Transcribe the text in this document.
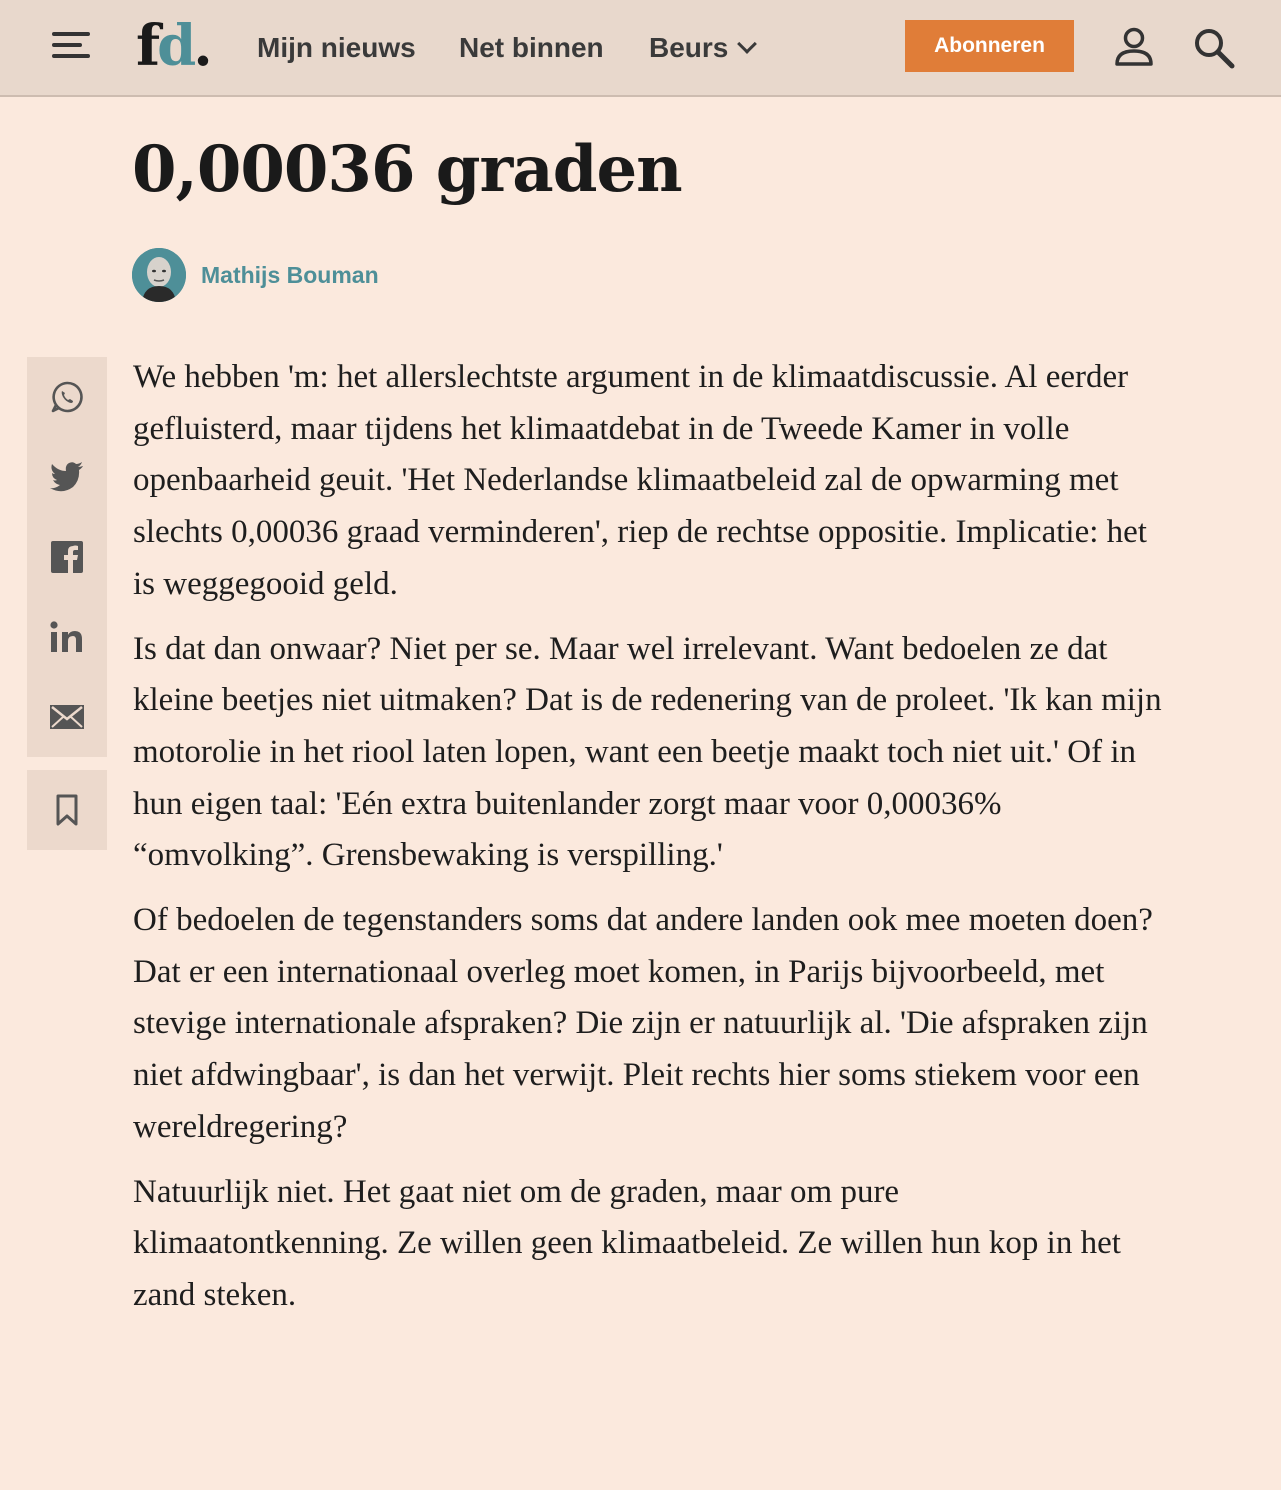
fd. Mijn nieuws Net binnen Beurs	Abonneren
0,00036 graden
Mathijs Bouman

We hebben 'm: het allerslechtste argument in de klimaatdiscussie. Al eerder gefluisterd, maar tijdens het klimaatdebat in de Tweede Kamer in volle openbaarheid geuit. 'Het Nederlandse klimaatbeleid zal de opwarming met slechts 0,00036 graad verminderen', riep de rechtse oppositie. Implicatie: het is weggegooid geld.

Is dat dan onwaar? Niet per se. Maar wel irrelevant. Want bedoelen ze dat kleine beetjes niet uitmaken? Dat is de redenering van de proleet. 'Ik kan mijn motorolie in het riool laten lopen, want een beetje maakt toch niet uit.' Of in hun eigen taal: 'Eén extra buitenlander zorgt maar voor 0,00036% “omvolking”. Grensbewaking is verspilling.'

Of bedoelen de tegenstanders soms dat andere landen ook mee moeten doen? Dat er een internationaal overleg moet komen, in Parijs bijvoorbeeld, met stevige internationale afspraken? Die zijn er natuurlijk al. 'Die afspraken zijn niet afdwingbaar', is dan het verwijt. Pleit rechts hier soms stiekem voor een wereldregering?

Natuurlijk niet. Het gaat niet om de graden, maar om pure klimaatontkenning. Ze willen geen klimaatbeleid. Ze willen hun kop in het zand steken.
